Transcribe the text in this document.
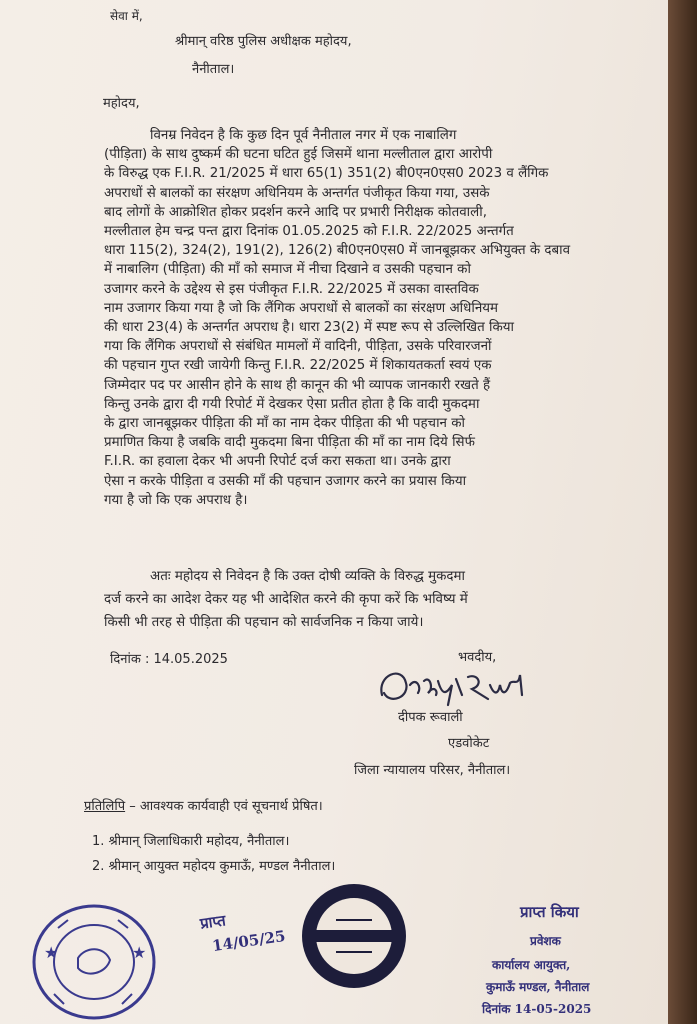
सेवा में,
श्रीमान् वरिष्ठ पुलिस अधीक्षक महोदय,
नैनीताल।
महोदय,
विनम्र निवेदन है कि कुछ दिन पूर्व नैनीताल नगर में एक नाबालिग
(पीड़िता) के साथ दुष्कर्म की घटना घटित हुई जिसमें थाना मल्लीताल द्वारा आरोपी
के विरुद्ध एक F.I.R. 21/2025 में धारा 65(1) 351(2) बी0एन0एस0 2023 व लैंगिक
अपराधों से बालकों का संरक्षण अधिनियम के अन्तर्गत पंजीकृत किया गया, उसके
बाद लोगों के आक्रोशित होकर प्रदर्शन करने आदि पर प्रभारी निरीक्षक कोतवाली,
मल्लीताल हेम चन्द्र पन्त द्वारा दिनांक 01.05.2025 को F.I.R. 22/2025 अन्तर्गत
धारा 115(2), 324(2), 191(2), 126(2) बी0एन0एस0 में जानबूझकर अभियुक्त के दबाव
में नाबालिग (पीड़िता) की माँ को समाज में नीचा दिखाने व उसकी पहचान को
उजागर करने के उद्देश्य से इस पंजीकृत F.I.R. 22/2025 में उसका वास्तविक
नाम उजागर किया गया है जो कि लैंगिक अपराधों से बालकों का संरक्षण अधिनियम
की धारा 23(4) के अन्तर्गत अपराध है। धारा 23(2) में स्पष्ट रूप से उल्लिखित किया
गया कि लैंगिक अपराधों से संबंधित मामलों में वादिनी, पीड़िता, उसके परिवारजनों
की पहचान गुप्त रखी जायेगी किन्तु F.I.R. 22/2025 में शिकायतकर्ता स्वयं एक
जिम्मेदार पद पर आसीन होने के साथ ही कानून की भी व्यापक जानकारी रखते हैं
किन्तु उनके द्वारा दी गयी रिपोर्ट में देखकर ऐसा प्रतीत होता है कि वादी मुकदमा
के द्वारा जानबूझकर पीड़िता की माँ का नाम देकर पीड़िता की भी पहचान को
प्रमाणित किया है जबकि वादी मुकदमा बिना पीड़िता की माँ का नाम दिये सिर्फ
F.I.R. का हवाला देकर भी अपनी रिपोर्ट दर्ज करा सकता था। उनके द्वारा
ऐसा न करके पीड़िता व उसकी माँ की पहचान उजागर करने का प्रयास किया
गया है जो कि एक अपराध है।
अतः महोदय से निवेदन है कि उक्त दोषी व्यक्ति के विरुद्ध मुकदमा
दर्ज करने का आदेश देकर यह भी आदेशित करने की कृपा करें कि भविष्य में
किसी भी तरह से पीड़िता की पहचान को सार्वजनिक न किया जाये।
दिनांक : 14.05.2025	भवदीय,
दीपक रूवाली
एडवोकेट
जिला न्यायालय परिसर, नैनीताल।
प्रतिलिपि – आवश्यक कार्यवाही एवं सूचनार्थ प्रेषित।
1. श्रीमान् जिलाधिकारी महोदय, नैनीताल।
2. श्रीमान् आयुक्त महोदय कुमाऊँ, मण्डल नैनीताल।
★	★
प्राप्त
14/05/25
प्राप्त किया
प्रवेशक
कार्यालय आयुक्त,
कुमाऊँ मण्डल, नैनीताल
दिनांक 14-05-2025
